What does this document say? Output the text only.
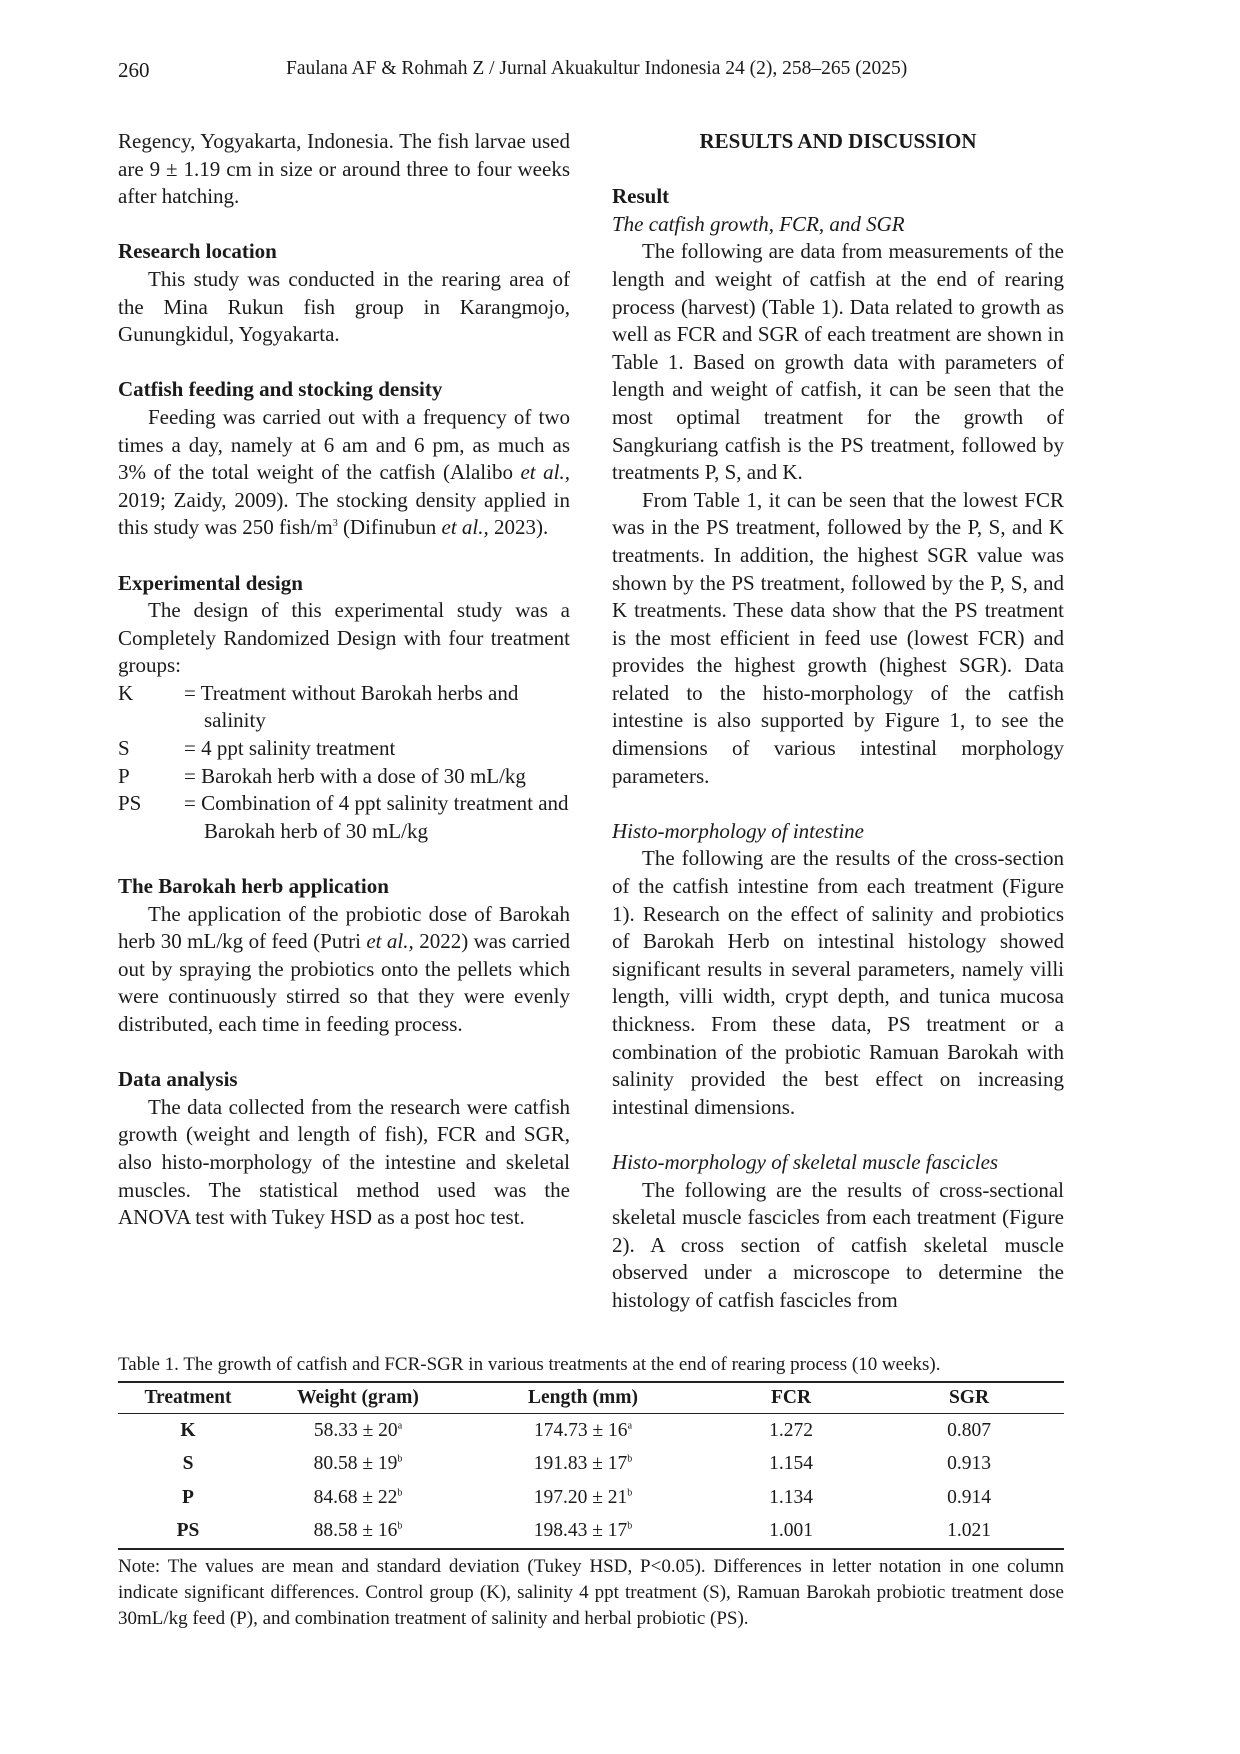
260	Faulana AF & Rohmah Z / Jurnal Akuakultur Indonesia 24 (2), 258–265 (2025)

Regency, Yogyakarta, Indonesia. The fish larvae used are 9 ± 1.19 cm in size or around three to four weeks after hatching.

Research location

This study was conducted in the rearing area of the Mina Rukun fish group in Karangmojo, Gunungkidul, Yogyakarta.

Catfish feeding and stocking density

Feeding was carried out with a frequency of two times a day, namely at 6 am and 6 pm, as much as 3% of the total weight of the catfish (Alalibo et al., 2019; Zaidy, 2009). The stocking density applied in this study was 250 fish/$m^3$ (Difinubun et al., 2023).

Experimental design

The design of this experimental study was a Completely Randomized Design with four treatment groups:

K	= Treatment without Barokah herbs and salinity
S	= 4 ppt salinity treatment
P	= Barokah herb with a dose of 30 mL/kg
PS	= Combination of 4 ppt salinity treatment and Barokah herb of 30 mL/kg
The Barokah herb application

The application of the probiotic dose of Barokah herb 30 mL/kg of feed (Putri et al., 2022) was carried out by spraying the probiotics onto the pellets which were continuously stirred so that they were evenly distributed, each time in feeding process.

Data analysis

The data collected from the research were catfish growth (weight and length of fish), FCR and SGR, also histo-morphology of the intestine and skeletal muscles. The statistical method used was the ANOVA test with Tukey HSD as a post hoc test.

RESULTS AND DISCUSSION
Result
The catfish growth, FCR, and SGR

The following are data from measurements of the length and weight of catfish at the end of rearing process (harvest) (Table 1). Data related to growth as well as FCR and SGR of each treatment are shown in Table 1. Based on growth data with parameters of length and weight of catfish, it can be seen that the most optimal treatment for the growth of Sangkuriang catfish is the PS treatment, followed by treatments P, S, and K.

From Table 1, it can be seen that the lowest FCR was in the PS treatment, followed by the P, S, and K treatments. In addition, the highest SGR value was shown by the PS treatment, followed by the P, S, and K treatments. These data show that the PS treatment is the most efficient in feed use (lowest FCR) and provides the highest growth (highest SGR). Data related to the histo-morphology of the catfish intestine is also supported by Figure 1, to see the dimensions of various intestinal morphology parameters.

Histo-morphology of intestine

The following are the results of the cross-section of the catfish intestine from each treatment (Figure 1). Research on the effect of salinity and probiotics of Barokah Herb on intestinal histology showed significant results in several parameters, namely villi length, villi width, crypt depth, and tunica mucosa thickness. From these data, PS treatment or a combination of the probiotic Ramuan Barokah with salinity provided the best effect on increasing intestinal dimensions.

Histo-morphology of skeletal muscle fascicles

The following are the results of cross-sectional skeletal muscle fascicles from each treatment (Figure 2). A cross section of catfish skeletal muscle observed under a microscope to determine the histology of catfish fascicles from

Table 1. The growth of catfish and FCR-SGR in various treatments at the end of rearing process (10 weeks).

Treatment	Weight (gram)	Length (mm)	FCR	SGR
K	$58.33 \pm 20^a$	$174.73 \pm 16^a$	1.272	0.807
S	$80.58 \pm 19^b$	$191.83 \pm 17^b$	1.154	0.913
P	$84.68 \pm 22^b$	$197.20 \pm 21^b$	1.134	0.914
PS	$88.58 \pm 16^b$	$198.43 \pm 17^b$	1.001	1.021

Note: The values are mean and standard deviation (Tukey HSD, P<0.05). Differences in letter notation in one column indicate significant differences. Control group (K), salinity 4 ppt treatment (S), Ramuan Barokah probiotic treatment dose 30mL/kg feed (P), and combination treatment of salinity and herbal probiotic (PS).
